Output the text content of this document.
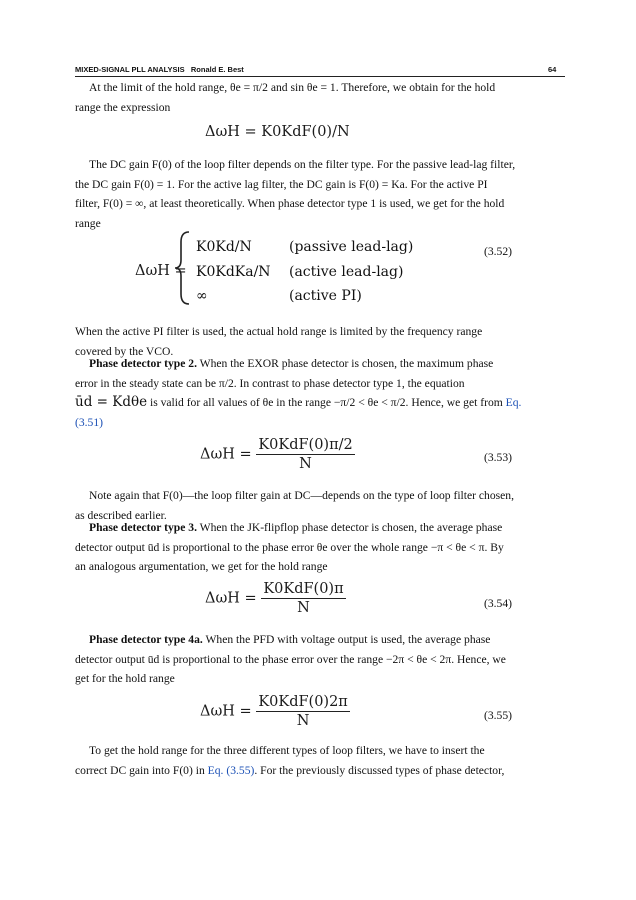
MIXED-SIGNAL PLL ANALYSIS Ronald E. Best	64
At the limit of the hold range, θe = π/2 and sin θe = 1. Therefore, we obtain for the hold
range the expression
ΔωH = K0KdF(0)/N
The DC gain F(0) of the loop filter depends on the filter type. For the passive lead-lag filter,
the DC gain F(0) = 1. For the active lag filter, the DC gain is F(0) = Ka. For the active PI
filter, F(0) = ∞, at least theoretically. When phase detector type 1 is used, we get for the hold
range
ΔωH =
K0Kd/N	(passive lead-lag)
K0KdKa/N (active lead-lag)
∞	(active PI)
(3.52)
When the active PI filter is used, the actual hold range is limited by the frequency range
covered by the VCO.
Phase detector type 2. When the EXOR phase detector is chosen, the maximum phase
error in the steady state can be π/2. In contrast to phase detector type 1, the equation
ūd = Kdθe is valid for all values of θe in the range −π/2 < θe < π/2. Hence, we get from Eq.
(3.51)
$\Delta\omega H = \frac{\text{K0KdF(0)π/2}}{N}$	(3.53)
Note again that F(0)—the loop filter gain at DC—depends on the type of loop filter chosen,
as described earlier.
Phase detector type 3. When the JK-flipflop phase detector is chosen, the average phase
detector output ūd is proportional to the phase error θe over the whole range −π < θe < π. By
an analogous argumentation, we get for the hold range
$\Delta\omega H = \frac{\text{K0KdF(0)π}}{N}$	(3.54)
Phase detector type 4a. When the PFD with voltage output is used, the average phase
detector output ūd is proportional to the phase error over the range −2π < θe < 2π. Hence, we
get for the hold range
$\Delta\omega H = \frac{\text{K0KdF(0)2π}}{N}$	(3.55)
To get the hold range for the three different types of loop filters, we have to insert the
correct DC gain into F(0) in Eq. (3.55). For the previously discussed types of phase detector,
